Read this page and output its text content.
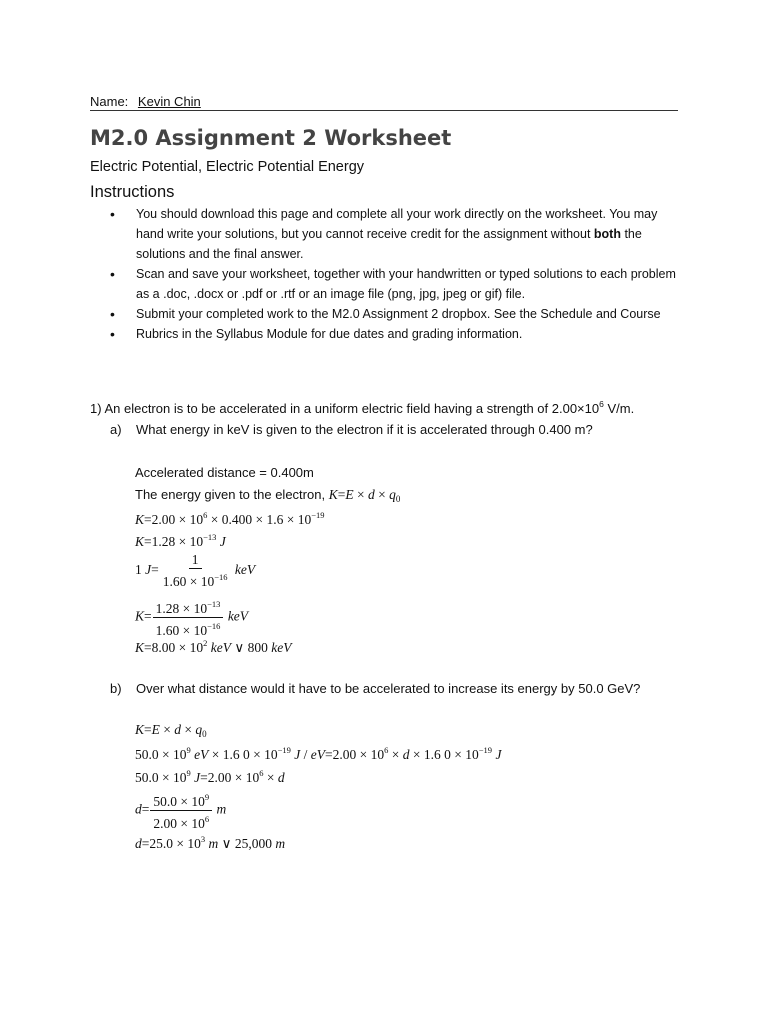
Name: Kevin Chin
M2.0 Assignment 2 Worksheet
Electric Potential, Electric Potential Energy
Instructions
• You should download this page and complete all your work directly on the worksheet. You may hand write your solutions, but you cannot receive credit for the assignment without both the solutions and the final answer.
• Scan and save your worksheet, together with your handwritten or typed solutions to each problem as a .doc, .docx or .pdf or .rtf or an image file (png, jpg, jpeg or gif) file.
• Submit your completed work to the M2.0 Assignment 2 dropbox. See the Schedule and Course
• Rubrics in the Syllabus Module for due dates and grading information.
1) An electron is to be accelerated in a uniform electric field having a strength of $2.00\times 10^6$ V/m.
a) What energy in keV is given to the electron if it is accelerated through 0.400 m?
Accelerated distance = 0.400m
The energy given to the electron, $K=E \times d \times q_0$
$K=2.00 \times 10^6 \times 0.400 \times 1.6 \times 10^{-19}$
$K=1.28 \times 10^{-13}$ J
1 $J= \frac{1}{1.60 \times 10^{-16}}$ keV
$K= \frac{1.28 \times 10^{-13}}{1.60 \times 10^{-16}}$ keV
$K=8.00 \times 10^2$ keV ∨ 800 keV
b) Over what distance would it have to be accelerated to increase its energy by 50.0 GeV?
$K=E \times d \times q_0$
$50.0 \times 10^9$ eV × 1.6 $0 \times 10^{-19}$ $J / eV=2.00 \times 10^6 \times d \times 1.6$ $0 \times 10^{-19}$ J
$50.0 \times 10^9$ $J=2.00 \times 10^6 \times d$
$d= \frac{50.0 \times 10^9}{2.00 \times 10^6}$ m
$d=25.0 \times 10^3$ m ∨ 25,000 m
